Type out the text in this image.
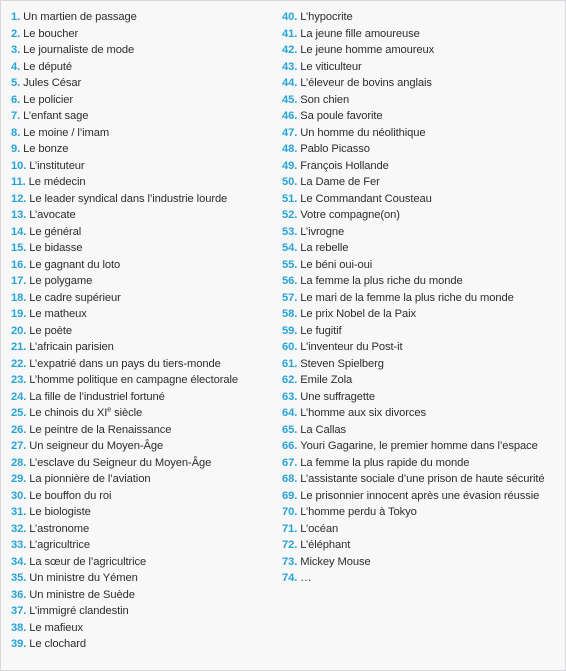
1. Un martien de passage
2. Le boucher
3. Le journaliste de mode
4. Le député
5. Jules César
6. Le policier
7. L’enfant sage
8. Le moine / l’imam
9. Le bonze
10. L’instituteur
11. Le médecin
12. Le leader syndical dans l’industrie lourde
13. L’avocate
14. Le général
15. Le bidasse
16. Le gagnant du loto
17. Le polygame
18. Le cadre supérieur
19. Le matheux
20. Le poète
21. L’africain parisien
22. L’expatrié dans un pays du tiers-monde
23. L’homme politique en campagne électorale
24. La fille de l’industriel fortuné
25. Le chinois du XIe siècle
26. Le peintre de la Renaissance
27. Un seigneur du Moyen-Âge
28. L’esclave du Seigneur du Moyen-Âge
29. La pionnière de l’aviation
30. Le bouffon du roi
31. Le biologiste
32. L’astronome
33. L’agricultrice
34. La sœur de l’agricultrice
35. Un ministre du Yémen
36. Un ministre de Suède
37. L’immigré clandestin
38. Le mafieux
39. Le clochard
40. L’hypocrite
41. La jeune fille amoureuse
42. Le jeune homme amoureux
43. Le viticulteur
44. L’éleveur de bovins anglais
45. Son chien
46. Sa poule favorite
47. Un homme du néolithique
48. Pablo Picasso
49. François Hollande
50. La Dame de Fer
51. Le Commandant Cousteau
52. Votre compagne(on)
53. L’ivrogne
54. La rebelle
55. Le béni oui-oui
56. La femme la plus riche du monde
57. Le mari de la femme la plus riche du monde
58. Le prix Nobel de la Paix
59. Le fugitif
60. L’inventeur du Post-it
61. Steven Spielberg
62. Emile Zola
63. Une suffragette
64. L’homme aux six divorces
65. La Callas
66. Youri Gagarine, le premier homme dans l’espace
67. La femme la plus rapide du monde
68. L’assistante sociale d’une prison de haute sécurité
69. Le prisonnier innocent après une évasion réussie
70. L’homme perdu à Tokyo
71. L’océan
72. L’éléphant
73. Mickey Mouse
74. …
